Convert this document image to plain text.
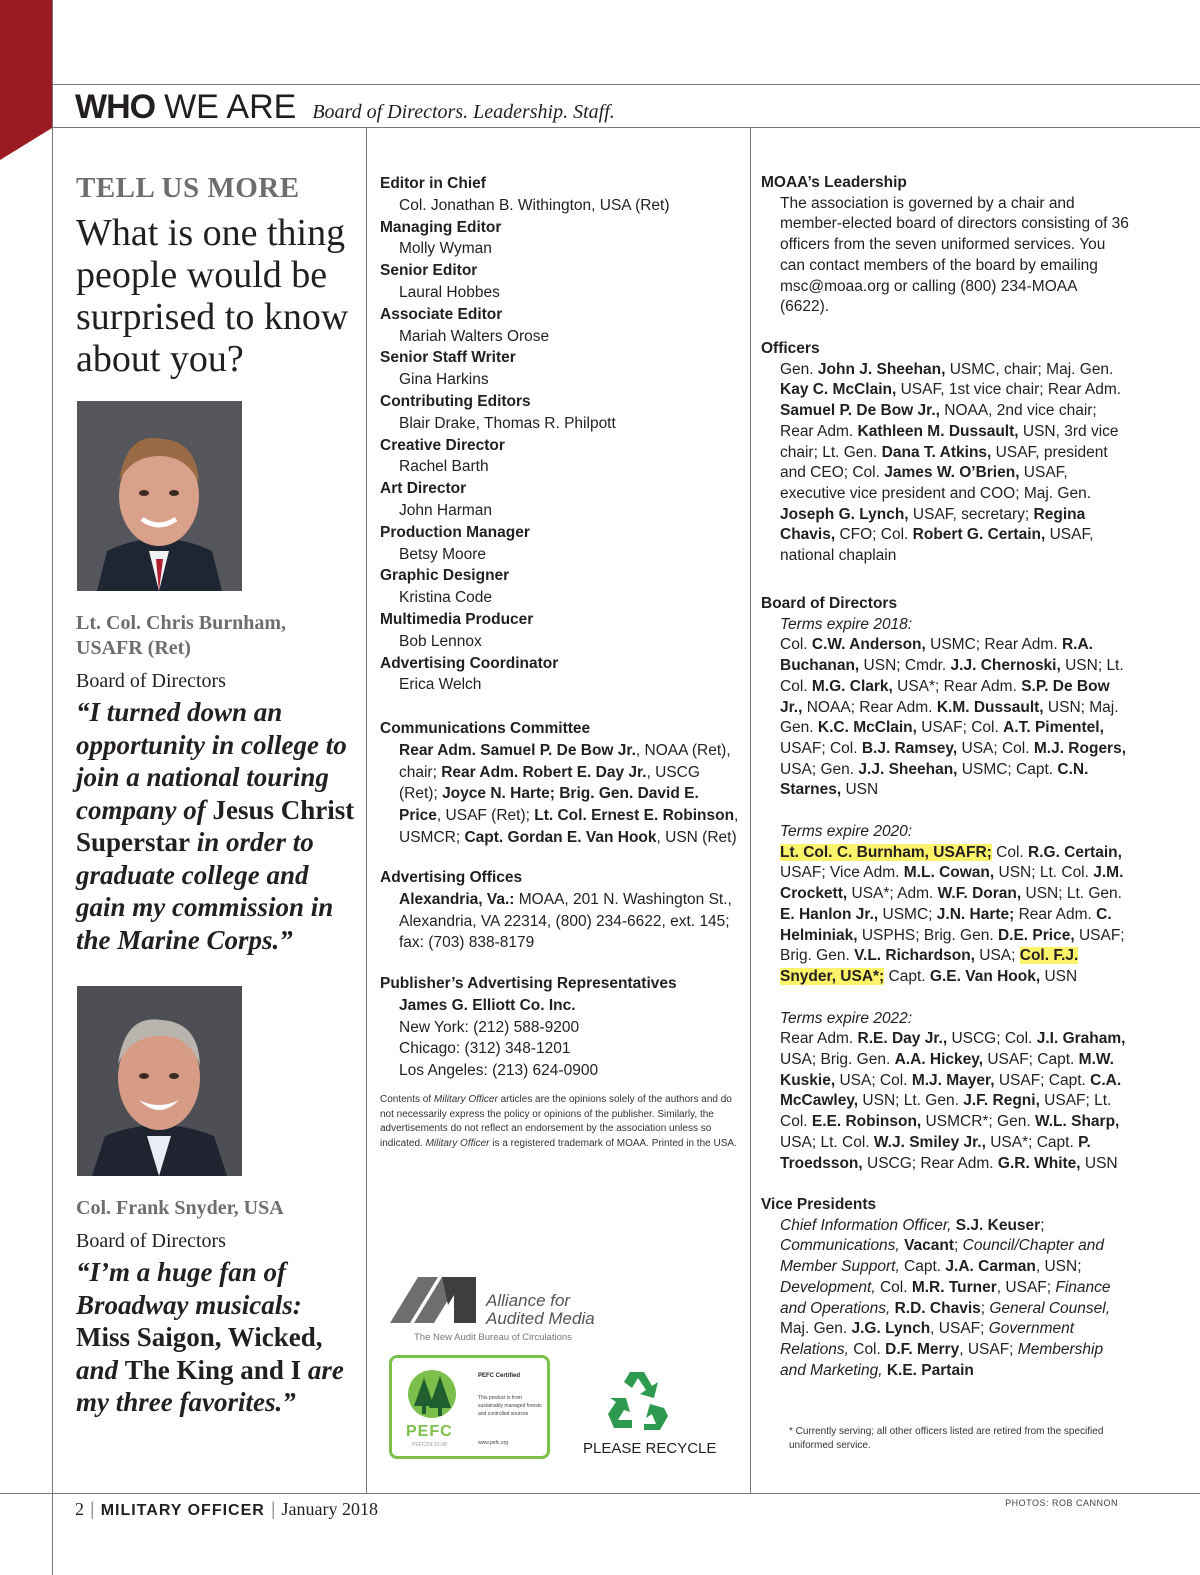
WHO WE ARE Board of Directors. Leadership. Staff.
TELL US MORE
What is one thing people would be surprised to know about you?
Lt. Col. Chris Burnham, USAFR (Ret)
Board of Directors
“I turned down an opportunity in college to join a national touring company of Jesus Christ Superstar in order to graduate college and gain my commission in the Marine Corps.”
Col. Frank Snyder, USA
Board of Directors
“I’m a huge fan of Broadway musicals: Miss Saigon, Wicked, and The King and I are my three favorites.”
Editor in Chief
Col. Jonathan B. Withington, USA (Ret)
Managing Editor
Molly Wyman
Senior Editor
Laural Hobbes
Associate Editor
Mariah Walters Orose
Senior Staff Writer
Gina Harkins
Contributing Editors
Blair Drake, Thomas R. Philpott
Creative Director
Rachel Barth
Art Director
John Harman
Production Manager
Betsy Moore
Graphic Designer
Kristina Code
Multimedia Producer
Bob Lennox
Advertising Coordinator
Erica Welch
Communications Committee
Rear Adm. Samuel P. De Bow Jr., NOAA (Ret), chair; Rear Adm. Robert E. Day Jr., USCG (Ret); Joyce N. Harte; Brig. Gen. David E. Price, USAF (Ret); Lt. Col. Ernest E. Robinson, USMCR; Capt. Gordan E. Van Hook, USN (Ret)
Advertising Offices
Alexandria, Va.: MOAA, 201 N. Washington St., Alexandria, VA 22314, (800) 234-6622, ext. 145; fax: (703) 838-8179
Publisher’s Advertising Representatives
James G. Elliott Co. Inc.
New York: (212) 588-9200
Chicago: (312) 348-1201
Los Angeles: (213) 624-0900
Contents of Military Officer articles are the opinions solely of the authors and do not necessarily express the policy or opinions of the publisher. Similarly, the advertisements do not reflect an endorsement by the association unless so indicated. Military Officer is a registered trademark of MOAA. Printed in the USA.
Alliance for
Audited Media
The New Audit Bureau of Circulations
PEFC
PEFC/29-31-38
PEFC Certified
This product is from sustainably managed forests and controlled sources
www.pefc.org	PLEASE RECYCLE
MOAA’s Leadership
The association is governed by a chair and member-elected board of directors consisting of 36 officers from the seven uniformed services. You can contact members of the board by emailing msc@moaa.org or calling (800) 234-MOAA (6622).
Officers
Gen. John J. Sheehan, USMC, chair; Maj. Gen. Kay C. McClain, USAF, 1st vice chair; Rear Adm. Samuel P. De Bow Jr., NOAA, 2nd vice chair; Rear Adm. Kathleen M. Dussault, USN, 3rd vice chair; Lt. Gen. Dana T. Atkins, USAF, president and CEO; Col. James W. O’Brien, USAF, executive vice president and COO; Maj. Gen. Joseph G. Lynch, USAF, secretary; Regina Chavis, CFO; Col. Robert G. Certain, USAF, national chaplain
Board of Directors
Terms expire 2018:
Col. C.W. Anderson, USMC; Rear Adm. R.A. Buchanan, USN; Cmdr. J.J. Chernoski, USN; Lt. Col. M.G. Clark, USA*; Rear Adm. S.P. De Bow Jr., NOAA; Rear Adm. K.M. Dussault, USN; Maj. Gen. K.C. McClain, USAF; Col. A.T. Pimentel, USAF; Col. B.J. Ramsey, USA; Col. M.J. Rogers, USA; Gen. J.J. Sheehan, USMC; Capt. C.N. Starnes, USN
Terms expire 2020:
Lt. Col. C. Burnham, USAFR; Col. R.G. Certain, USAF; Vice Adm. M.L. Cowan, USN; Lt. Col. J.M. Crockett, USA*; Adm. W.F. Doran, USN; Lt. Gen. E. Hanlon Jr., USMC; J.N. Harte; Rear Adm. C. Helminiak, USPHS; Brig. Gen. D.E. Price, USAF; Brig. Gen. V.L. Richardson, USA; Col. F.J. Snyder, USA*; Capt. G.E. Van Hook, USN
Terms expire 2022:
Rear Adm. R.E. Day Jr., USCG; Col. J.I. Graham, USA; Brig. Gen. A.A. Hickey, USAF; Capt. M.W. Kuskie, USA; Col. M.J. Mayer, USAF; Capt. C.A. McCawley, USN; Lt. Gen. J.F. Regni, USAF; Lt. Col. E.E. Robinson, USMCR*; Gen. W.L. Sharp, USA; Lt. Col. W.J. Smiley Jr., USA*; Capt. P. Troedsson, USCG; Rear Adm. G.R. White, USN
Vice Presidents
Chief Information Officer, S.J. Keuser; Communications, Vacant; Council/Chapter and Member Support, Capt. J.A. Carman, USN; Development, Col. M.R. Turner, USAF; Finance and Operations, R.D. Chavis; General Counsel, Maj. Gen. J.G. Lynch, USAF; Government Relations, Col. D.F. Merry, USAF; Membership and Marketing, K.E. Partain
* Currently serving; all other officers listed are retired from the specified uniformed service.
2 | MILITARY OFFICER | January 2018	PHOTOS: ROB CANNON
